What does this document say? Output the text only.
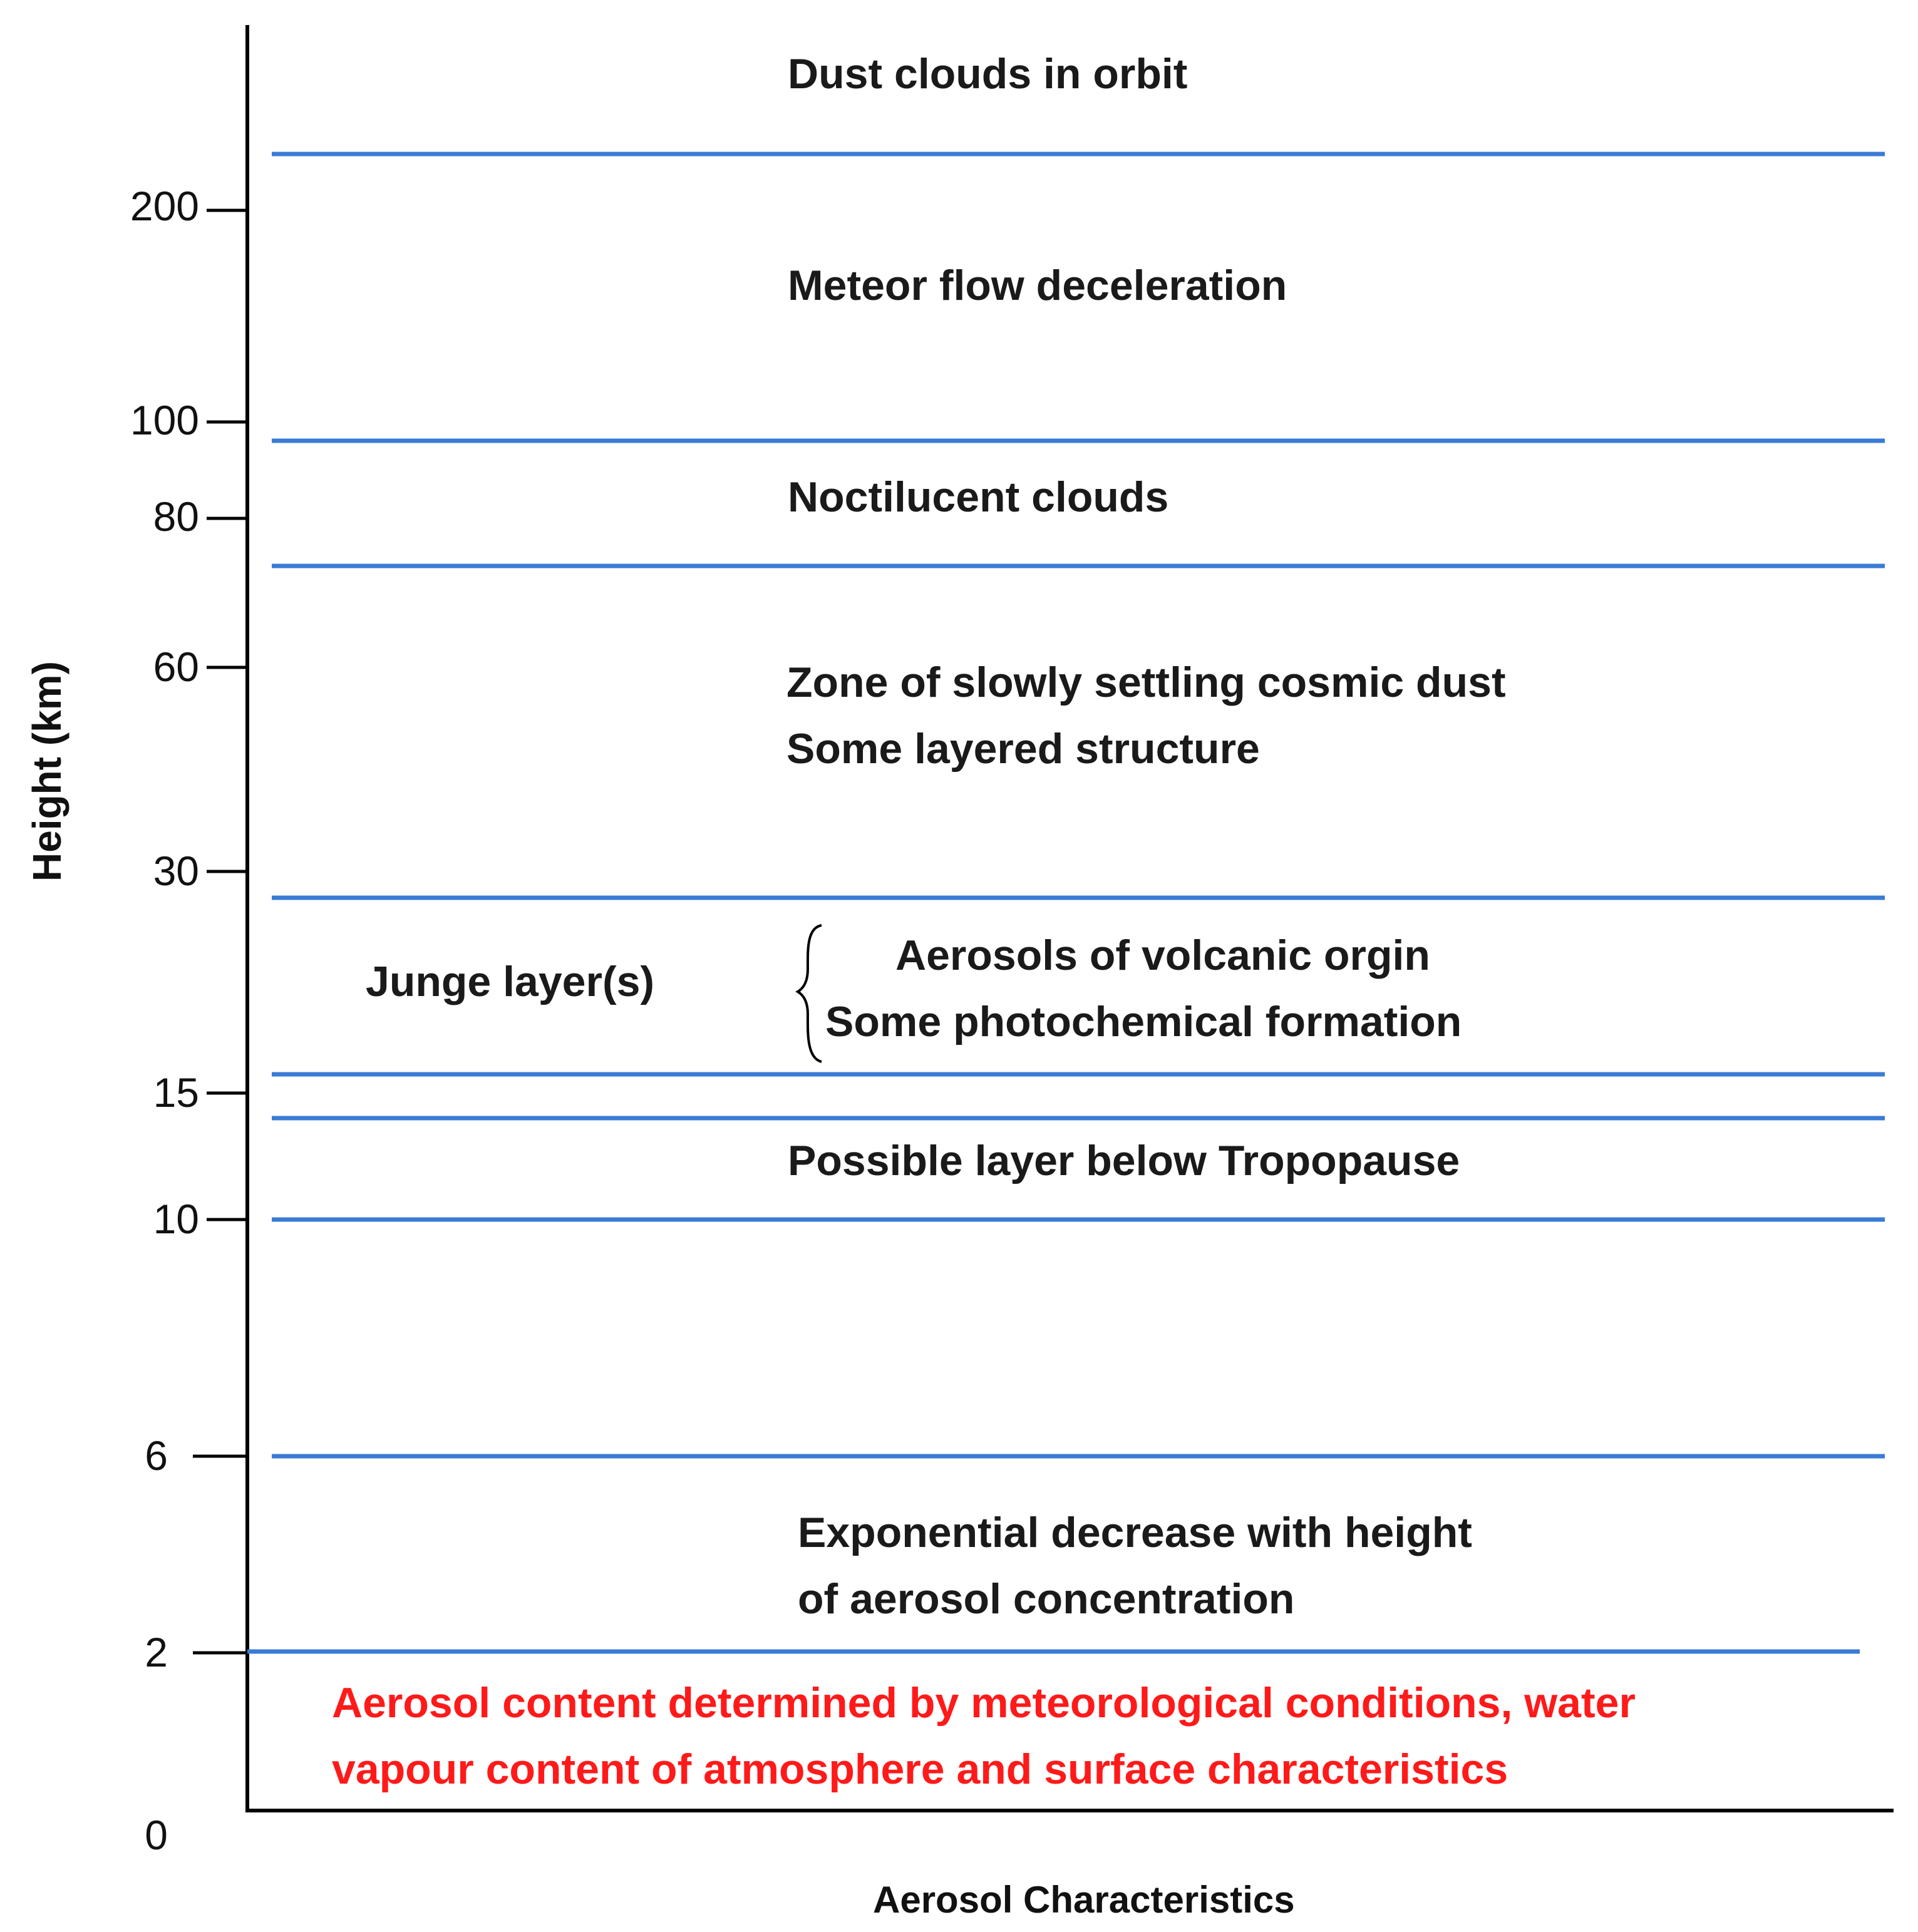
200
100
80
60
30
15
10
6
2
0
Height (km)
Aerosol Characteristics
Dust clouds in orbit
Meteor flow deceleration
Noctilucent clouds
Zone of slowly settling cosmic dust
Some layered structure
Junge layer(s)
Aerosols of volcanic orgin
Some photochemical formation
Possible layer below Tropopause
Exponential decrease with height
of aerosol concentration
Aerosol content determined by meteorological conditions, water
vapour content of atmosphere and surface characteristics
